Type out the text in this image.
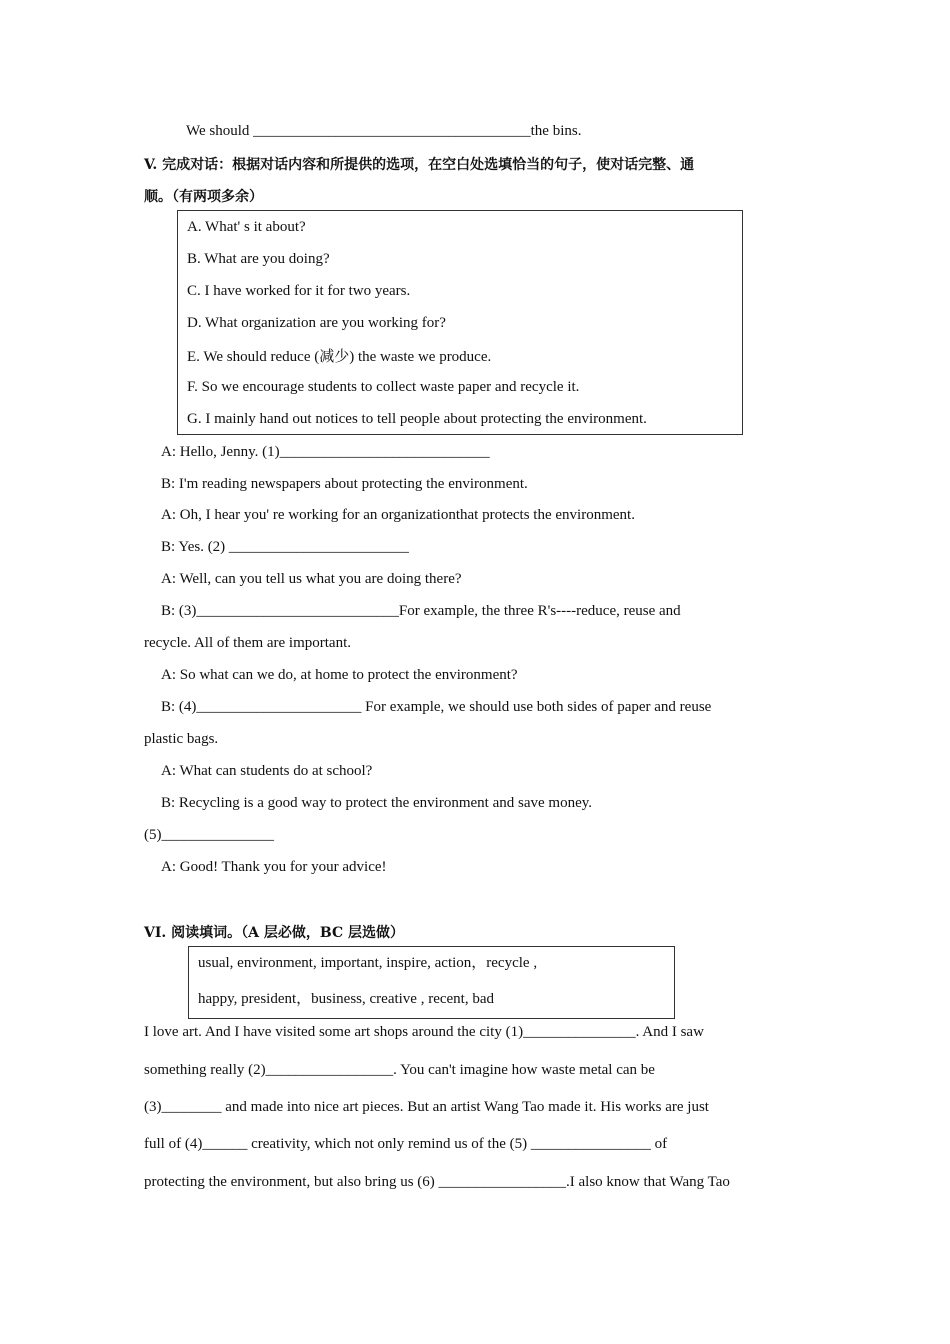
We should _____________________________________the bins.
V. 完成对话：根据对话内容和所提供的选项，在空白处选填恰当的句子，使对话完整、通
顺。（有两项多余）
A. What' s it about?
B. What are you doing?
C. I have worked for it for two years.
D. What organization are you working for?
E. We should reduce (减少) the waste we produce.
F. So we encourage students to collect waste paper and recycle it.
G. I mainly hand out notices to tell people about protecting the environment.
A: Hello, Jenny. (1)____________________________
B: I'm reading newspapers about protecting the environment.
A: Oh, I hear you' re working for an organizationthat protects the environment.
B: Yes. (2) ________________________
A: Well, can you tell us what you are doing there?
B: (3)___________________________For example, the three R's----reduce, reuse and
recycle. All of them are important.
A: So what can we do, at home to protect the environment?
B: (4)______________________ For example, we should use both sides of paper and reuse
plastic bags.
A: What can students do at school?
B: Recycling is a good way to protect the environment and save money.
(5)_______________
A: Good! Thank you for your advice!
VI. 阅读填词。（A 层必做，BC 层选做）
usual, environment, important, inspire, action，recycle ,
happy, president，business, creative , recent, bad
I love art. And I have visited some art shops around the city (1)_______________. And I saw
something really (2)_________________. You can't imagine how waste metal can be
(3)________ and made into nice art pieces. But an artist Wang Tao made it. His works are just
full of (4)______ creativity, which not only remind us of the (5) ________________ of
protecting the environment, but also bring us (6) _________________.I also know that Wang Tao
